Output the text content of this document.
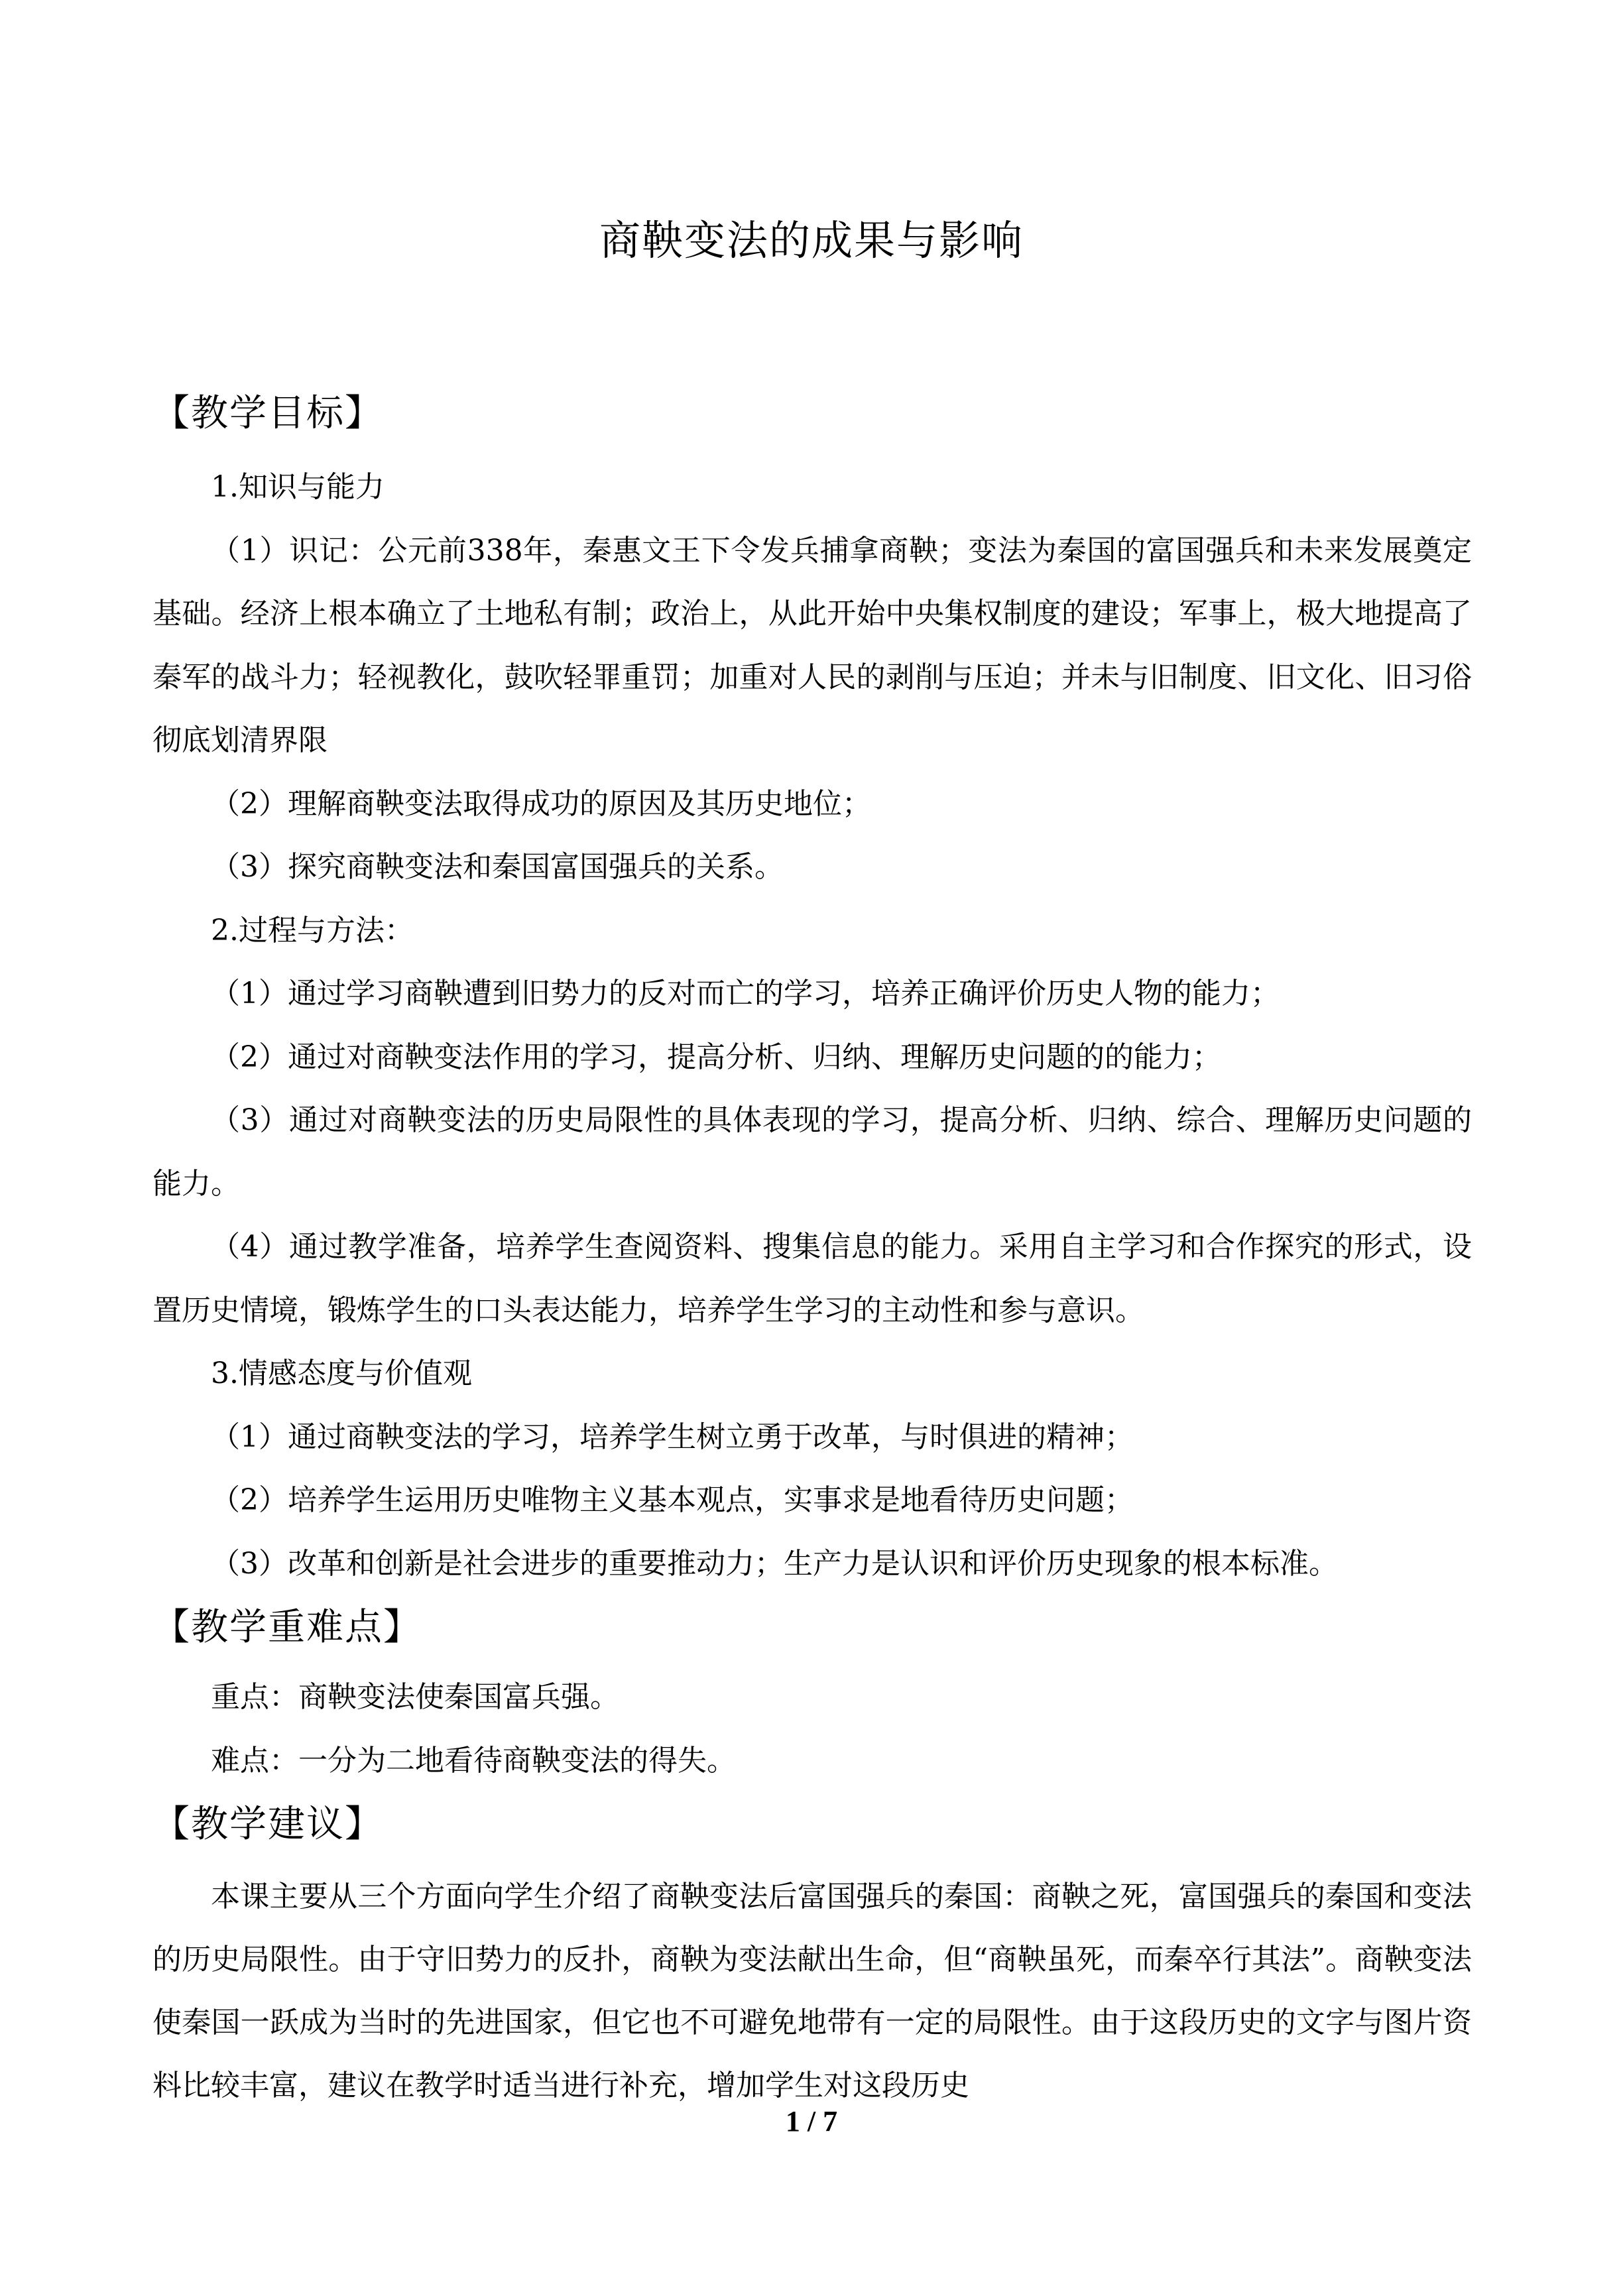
商鞅变法的成果与影响
【教学目标】

1.知识与能力

（1）识记：公元前338年，秦惠文王下令发兵捕拿商鞅；变法为秦国的富国强兵和未来发展奠定基础。经济上根本确立了土地私有制；政治上，从此开始中央集权制度的建设；军事上，极大地提高了秦军的战斗力；轻视教化，鼓吹轻罪重罚；加重对人民的剥削与压迫；并未与旧制度、旧文化、旧习俗彻底划清界限

（2）理解商鞅变法取得成功的原因及其历史地位；

（3）探究商鞅变法和秦国富国强兵的关系。

2.过程与方法：

（1）通过学习商鞅遭到旧势力的反对而亡的学习，培养正确评价历史人物的能力；

（2）通过对商鞅变法作用的学习，提高分析、归纳、理解历史问题的的能力；

（3）通过对商鞅变法的历史局限性的具体表现的学习，提高分析、归纳、综合、理解历史问题的能力。

（4）通过教学准备，培养学生查阅资料、搜集信息的能力。采用自主学习和合作探究的形式，设置历史情境，锻炼学生的口头表达能力，培养学生学习的主动性和参与意识。

3.情感态度与价值观

（1）通过商鞅变法的学习，培养学生树立勇于改革，与时俱进的精神；

（2）培养学生运用历史唯物主义基本观点，实事求是地看待历史问题；

（3）改革和创新是社会进步的重要推动力；生产力是认识和评价历史现象的根本标准。

【教学重难点】

重点：商鞅变法使秦国富兵强。

难点：一分为二地看待商鞅变法的得失。

【教学建议】

本课主要从三个方面向学生介绍了商鞅变法后富国强兵的秦国：商鞅之死，富国强兵的秦国和变法的历史局限性。由于守旧势力的反扑，商鞅为变法献出生命，但“商鞅虽死，而秦卒行其法”。商鞅变法使秦国一跃成为当时的先进国家，但它也不可避免地带有一定的局限性。由于这段历史的文字与图片资料比较丰富，建议在教学时适当进行补充，增加学生对这段历史

1 / 7
